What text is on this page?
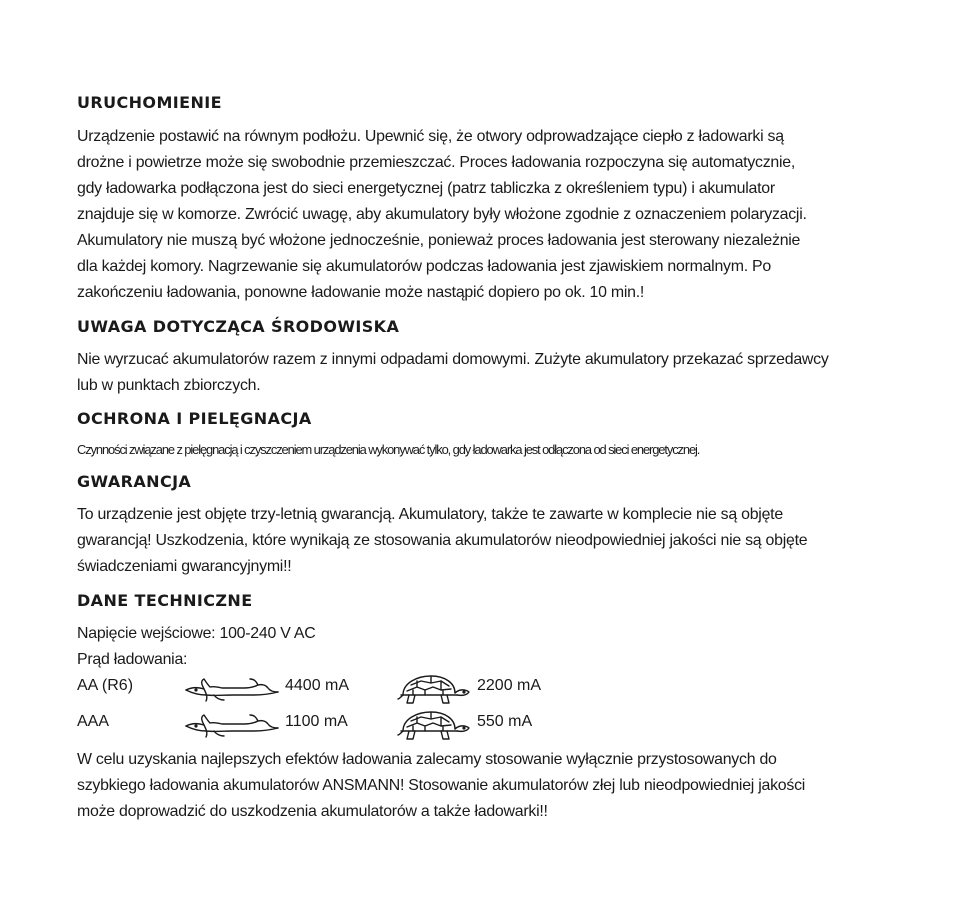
URUCHOMIENIE

Urządzenie postawić na równym podłożu. Upewnić się, że otwory odprowadzające ciepło z ładowarki są
drożne i powietrze może się swobodnie przemieszczać. Proces ładowania rozpoczyna się automatycznie,
gdy ładowarka podłączona jest do sieci energetycznej (patrz tabliczka z określeniem typu) i akumulator
znajduje się w komorze. Zwrócić uwagę, aby akumulatory były włożone zgodnie z oznaczeniem polaryzacji.
Akumulatory nie muszą być włożone jednocześnie, ponieważ proces ładowania jest sterowany niezależnie
dla każdej komory. Nagrzewanie się akumulatorów podczas ładowania jest zjawiskiem normalnym. Po
zakończeniu ładowania, ponowne ładowanie może nastąpić dopiero po ok. 10 min.!

UWAGA DOTYCZĄCA ŚRODOWISKA

Nie wyrzucać akumulatorów razem z innymi odpadami domowymi. Zużyte akumulatory przekazać sprzedawcy
lub w punktach zbiorczych.

OCHRONA I PIELĘGNACJA

Czynności związane z pielęgnacją i czyszczeniem urządzenia wykonywać tylko, gdy ładowarka jest odłączona od sieci energetycznej.

GWARANCJA

To urządzenie jest objęte trzy-letnią gwarancją. Akumulatory, także te zawarte w komplecie nie są objęte
gwarancją! Uszkodzenia, które wynikają ze stosowania akumulatorów nieodpowiedniej jakości nie są objęte
świadczeniami gwarancyjnymi!!

DANE TECHNICZNE

Napięcie wejściowe: 100-240 V AC
Prąd ładowania:

AA (R6)	4400 mA	2200 mA
AAA	1100 mA	550 mA

W celu uzyskania najlepszych efektów ładowania zalecamy stosowanie wyłącznie przystosowanych do
szybkiego ładowania akumulatorów ANSMANN! Stosowanie akumulatorów złej lub nieodpowiedniej jakości
może doprowadzić do uszkodzenia akumulatorów a także ładowarki!!
